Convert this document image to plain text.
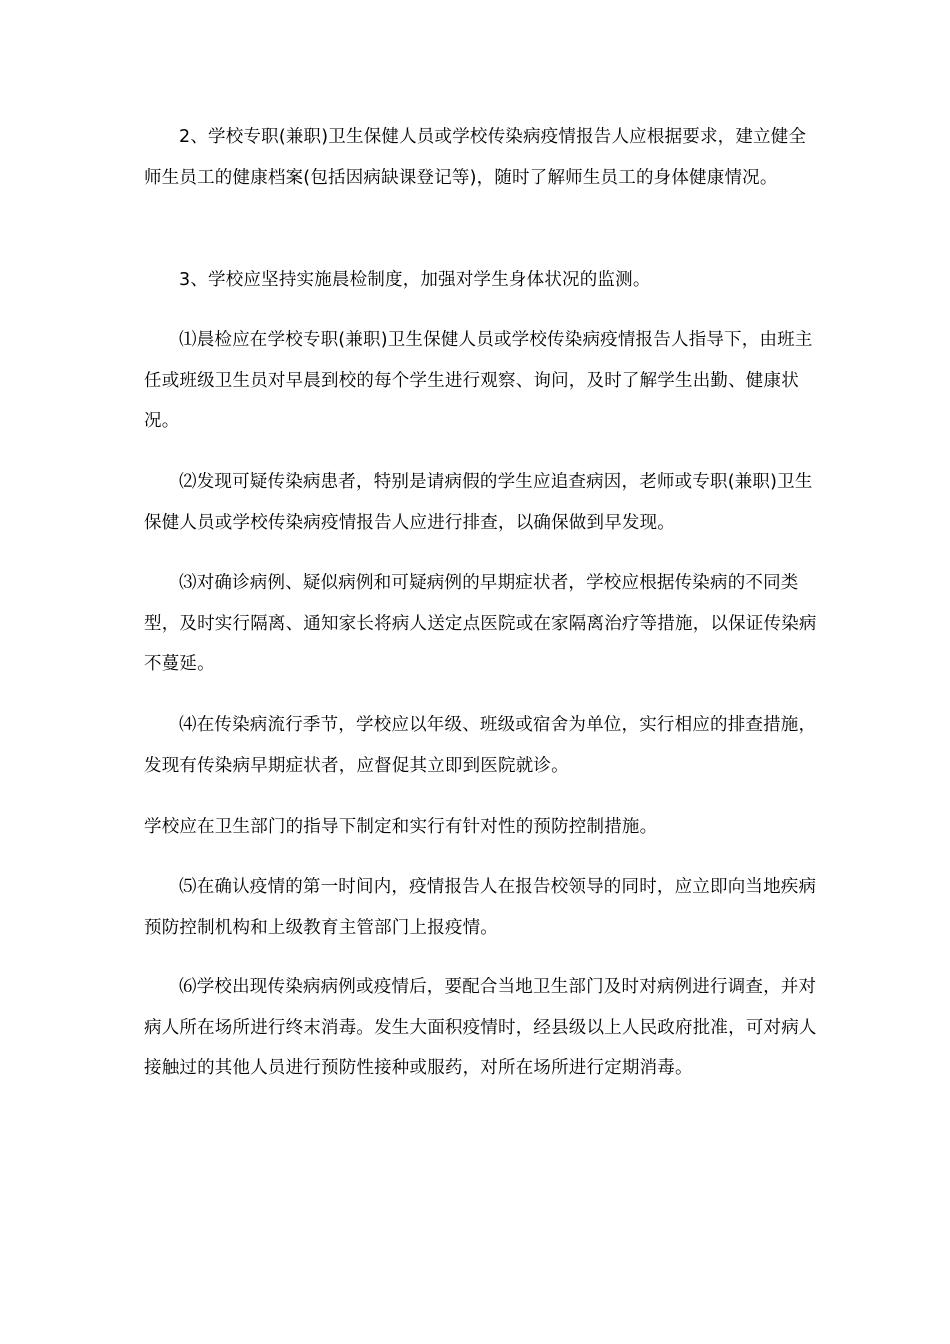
2、学校专职(兼职)卫生保健人员或学校传染病疫情报告人应根据要求，建立健全师生员工的健康档案(包括因病缺课登记等)，随时了解师生员工的身体健康情况。

3、学校应坚持实施晨检制度，加强对学生身体状况的监测。

⑴晨检应在学校专职(兼职)卫生保健人员或学校传染病疫情报告人指导下，由班主任或班级卫生员对早晨到校的每个学生进行观察、询问，及时了解学生出勤、健康状况。

⑵发现可疑传染病患者，特别是请病假的学生应追查病因，老师或专职(兼职)卫生保健人员或学校传染病疫情报告人应进行排查，以确保做到早发现。

⑶对确诊病例、疑似病例和可疑病例的早期症状者，学校应根据传染病的不同类型，及时实行隔离、通知家长将病人送定点医院或在家隔离治疗等措施，以保证传染病不蔓延。

⑷在传染病流行季节，学校应以年级、班级或宿舍为单位，实行相应的排查措施，发现有传染病早期症状者，应督促其立即到医院就诊。

学校应在卫生部门的指导下制定和实行有针对性的预防控制措施。

⑸在确认疫情的第一时间内，疫情报告人在报告校领导的同时，应立即向当地疾病预防控制机构和上级教育主管部门上报疫情。

⑹学校出现传染病病例或疫情后，要配合当地卫生部门及时对病例进行调查，并对病人所在场所进行终末消毒。发生大面积疫情时，经县级以上人民政府批准，可对病人接触过的其他人员进行预防性接种或服药，对所在场所进行定期消毒。
